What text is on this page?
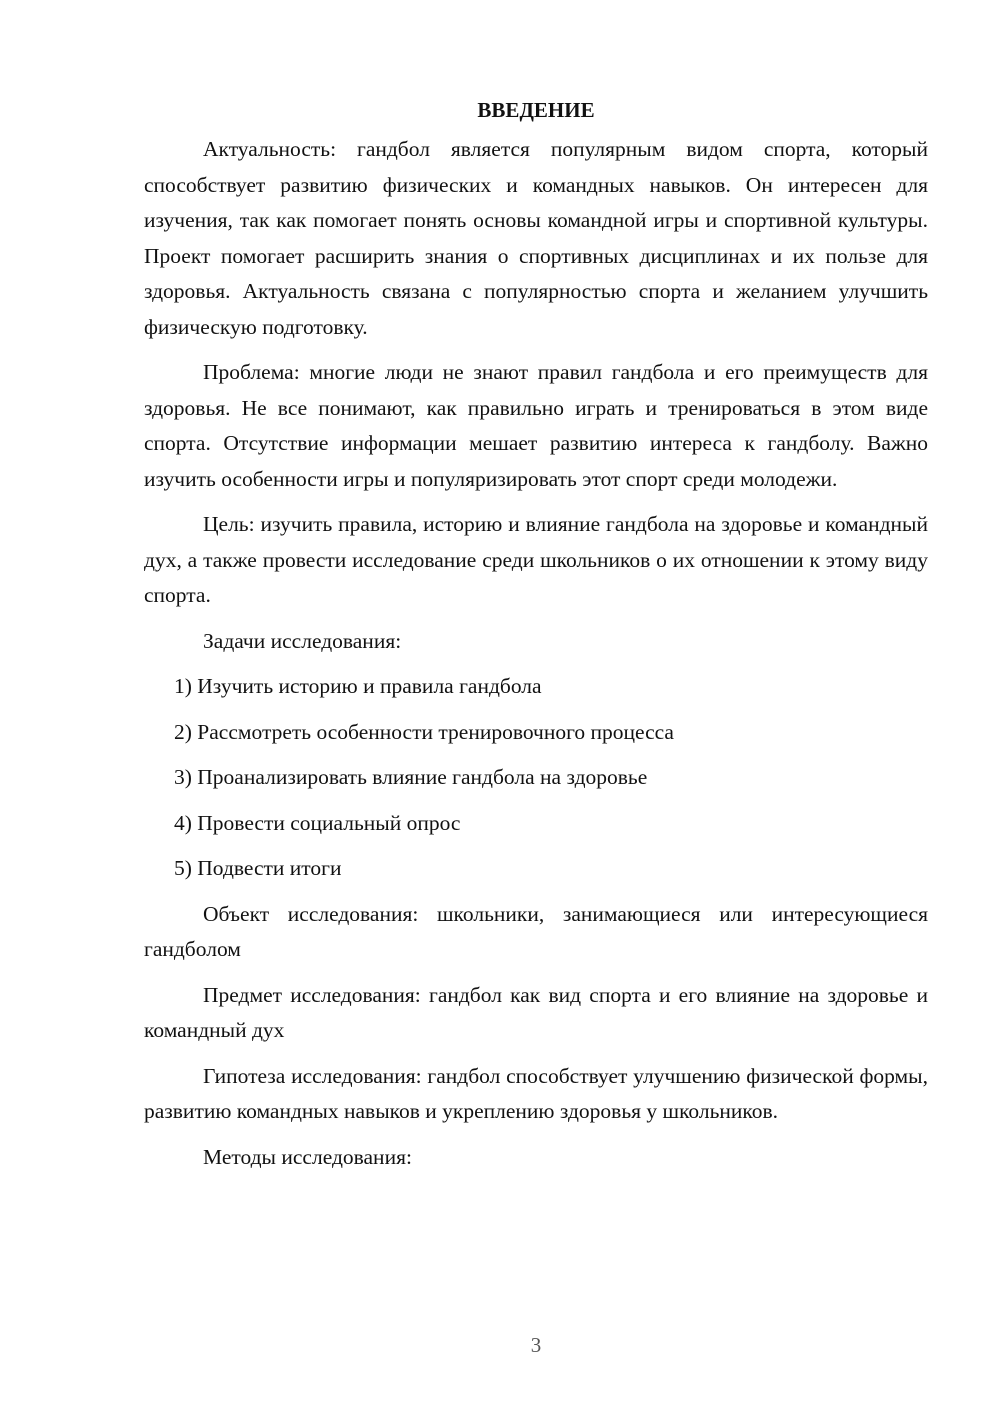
ВВЕДЕНИЕ

Актуальность: гандбол является популярным видом спорта, который способствует развитию физических и командных навыков. Он интересен для изучения, так как помогает понять основы командной игры и спортивной культуры. Проект помогает расширить знания о спортивных дисциплинах и их пользе для здоровья. Актуальность связана с популярностью спорта и желанием улучшить физическую подготовку.

Проблема: многие люди не знают правил гандбола и его преимуществ для здоровья. Не все понимают, как правильно играть и тренироваться в этом виде спорта. Отсутствие информации мешает развитию интереса к гандболу. Важно изучить особенности игры и популяризировать этот спорт среди молодежи.

Цель: изучить правила, историю и влияние гандбола на здоровье и командный дух, а также провести исследование среди школьников о их отношении к этому виду спорта.

Задачи исследования:

1) Изучить историю и правила гандбола

2) Рассмотреть особенности тренировочного процесса

3) Проанализировать влияние гандбола на здоровье

4) Провести социальный опрос

5) Подвести итоги

Объект исследования: школьники, занимающиеся или интересующиеся гандболом

Предмет исследования: гандбол как вид спорта и его влияние на здоровье и командный дух

Гипотеза исследования: гандбол способствует улучшению физической формы, развитию командных навыков и укреплению здоровья у школьников.

Методы исследования:

3
